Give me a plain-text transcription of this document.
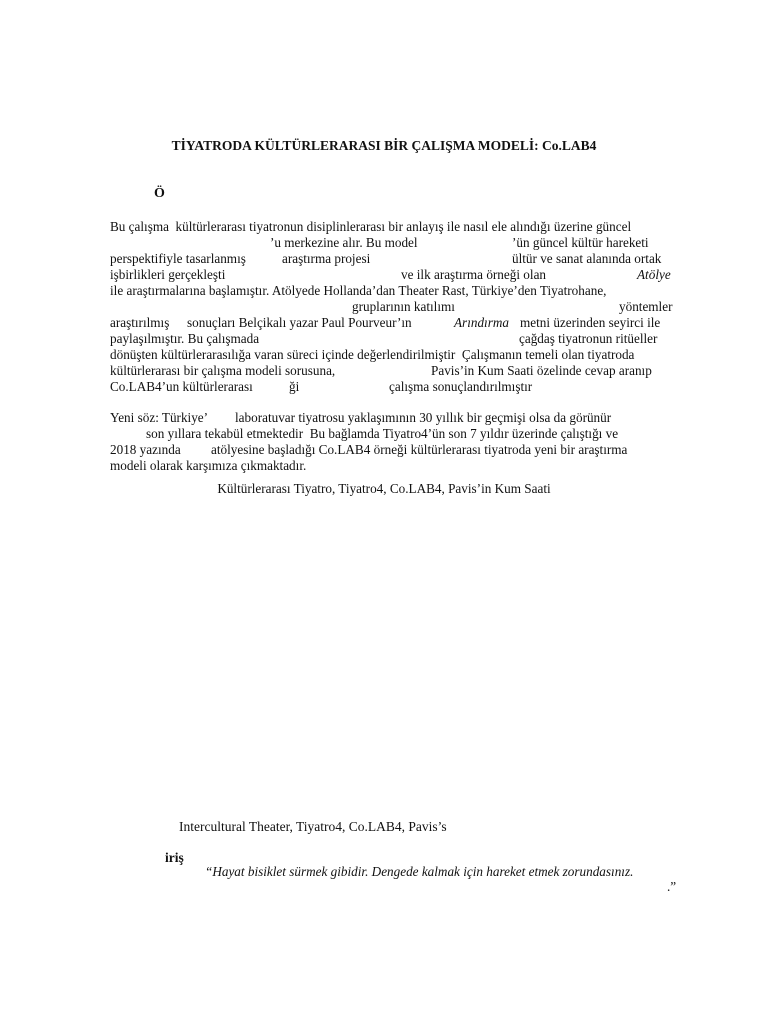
TİYATRODA KÜLTÜRLERARASI BİR ÇALIŞMA MODELİ: Co.LAB4
Ö
Bu çalışma  kültürlerarası tiyatronun disiplinlerarası bir anlayış ile nasıl ele alındığı üzerine güncel
’u merkezine alır. Bu model	’ün güncel kültür hareketi
perspektifiyle tasarlanmış	araştırma projesi	ültür ve sanat alanında ortak
işbirlikleri gerçekleşti	ve ilk araştırma örneği olan	Atölye
ile araştırmalarına başlamıştır. Atölyede Hollanda’dan Theater Rast, Türkiye’den Tiyatrohane,
gruplarının katılımı	yöntemler
araştırılmış sonuçları Belçikalı yazar Paul Pourveur’ın	Arındırma metni üzerinden seyirci ile
paylaşılmıştır. Bu çalışmada	çağdaş tiyatronun ritüeller
dönüşten kültürlerarasılığa varan süreci içinde değerlendirilmiştir  Çalışmanın temeli olan tiyatroda
kültürlerarası bir çalışma modeli sorusuna,	Pavis’in Kum Saati özelinde cevap aranıp
Co.LAB4’un kültürlerarası	ği	çalışma sonuçlandırılmıştır
Yeni söz: Türkiye’ laboratuvar tiyatrosu yaklaşımının 30 yıllık bir geçmişi olsa da görünür
son yıllara tekabül etmektedir  Bu bağlamda Tiyatro4’ün son 7 yıldır üzerinde çalıştığı ve
2018 yazında atölyesine başladığı Co.LAB4 örneği kültürlerarası tiyatroda yeni bir araştırma
modeli olarak karşımıza çıkmaktadır.
Kültürlerarası Tiyatro, Tiyatro4, Co.LAB4, Pavis’in Kum Saati
Intercultural Theater, Tiyatro4, Co.LAB4, Pavis’s
iriş
“Hayat bisiklet sürmek gibidir. Dengede kalmak için hareket etmek zorundasınız.
.”
